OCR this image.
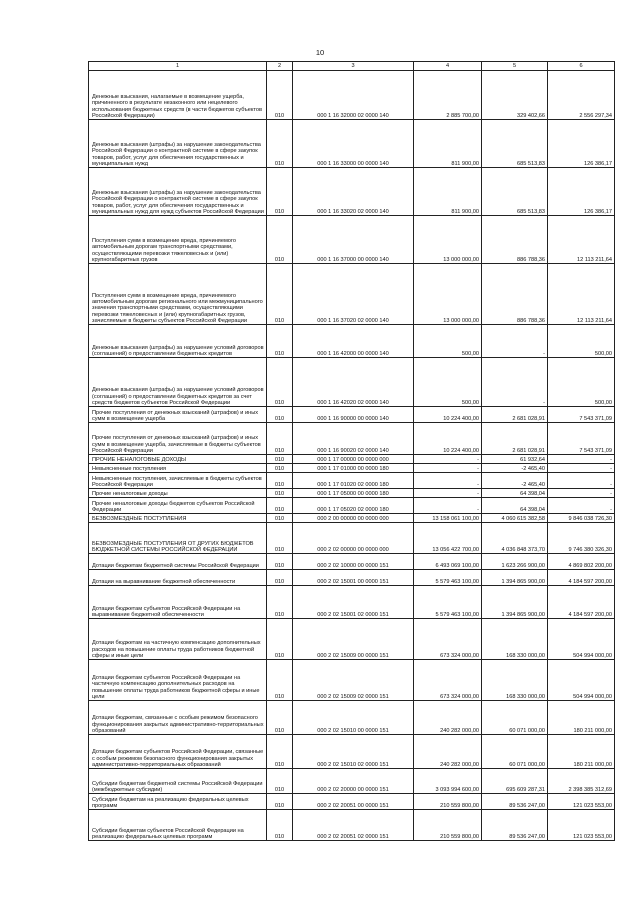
10
1	2	3	4	5	6
Денежные взыскания, налагаемые в возмещение ущерба, причиненного в результате незаконного или нецелевого использования бюджетных средств (в части бюджетов субъектов Российской Федерации)	010	000 1 16 32000 02 0000 140	2 885 700,00	329 402,66	2 556 297,34
Денежные взыскания (штрафы) за нарушение законодательства Российской Федерации о контрактной системе в сфере закупок товаров, работ, услуг для обеспечения государственных и муниципальных нужд	010	000 1 16 33000 00 0000 140	811 900,00	685 513,83	126 386,17
Денежные взыскания (штрафы) за нарушение законодательства Российской Федерации о контрактной системе в сфере закупок товаров, работ, услуг для обеспечения государственных и муниципальных нужд для нужд субъектов Российской Федерации	010	000 1 16 33020 02 0000 140	811 900,00	685 513,83	126 386,17
Поступления сумм в возмещение вреда, причиняемого автомобильным дорогам транспортными средствами, осуществляющими перевозки тяжеловесных и (или) крупногабаритных грузов	010	000 1 16 37000 00 0000 140	13 000 000,00	886 788,36	12 113 211,64
Поступления сумм в возмещение вреда, причиняемого автомобильным дорогам регионального или межмуниципального значения транспортными средствами, осуществляющими перевозки тяжеловесных и (или) крупногабаритных грузов, зачисляемые в бюджеты субъектов Российской Федерации	010	000 1 16 37020 02 0000 140	13 000 000,00	886 788,36	12 113 211,64
Денежные взыскания (штрафы) за нарушение условий договоров (соглашений) о предоставлении бюджетных кредитов	010	000 1 16 42000 00 0000 140	500,00	-	500,00
Денежные взыскания (штрафы) за нарушение условий договоров (соглашений) о предоставлении бюджетных кредитов за счет средств бюджетов субъектов Российской Федерации	010	000 1 16 42020 02 0000 140	500,00	-	500,00
Прочие поступления от денежных взысканий (штрафов) и иных сумм в возмещение ущерба	010	000 1 16 90000 00 0000 140	10 224 400,00	2 681 028,91	7 543 371,09
Прочие поступления от денежных взысканий (штрафов) и иных сумм в возмещение ущерба, зачисляемые в бюджеты субъектов Российской Федерации	010	000 1 16 90020 02 0000 140	10 224 400,00	2 681 028,91	7 543 371,09
ПРОЧИЕ НЕНАЛОГОВЫЕ ДОХОДЫ	010	000 1 17 00000 00 0000 000	-	61 932,64	-
Невыясненные поступления	010	000 1 17 01000 00 0000 180	-	-2 465,40	-
Невыясненные поступления, зачисляемые в бюджеты субъектов Российской Федерации	010	000 1 17 01020 02 0000 180	-	-2 465,40	-
Прочие неналоговые доходы	010	000 1 17 05000 00 0000 180	-	64 398,04	-
Прочие неналоговые доходы бюджетов субъектов Российской Федерации	010	000 1 17 05020 02 0000 180	-	64 398,04	-
БЕЗВОЗМЕЗДНЫЕ ПОСТУПЛЕНИЯ	010	000 2 00 00000 00 0000 000	13 158 061 100,00	4 060 615 382,58	9 846 038 726,30
БЕЗВОЗМЕЗДНЫЕ ПОСТУПЛЕНИЯ ОТ ДРУГИХ БЮДЖЕТОВ БЮДЖЕТНОЙ СИСТЕМЫ РОССИЙСКОЙ ФЕДЕРАЦИИ	010	000 2 02 00000 00 0000 000	13 056 422 700,00	4 036 848 373,70	9 746 380 326,30
Дотации бюджетам бюджетной системы Российской Федерации	010	000 2 02 10000 00 0000 151	6 493 069 100,00	1 623 266 900,00	4 869 802 200,00
Дотации на выравнивание бюджетной обеспеченности	010	000 2 02 15001 00 0000 151	5 579 463 100,00	1 394 865 900,00	4 184 597 200,00
Дотации бюджетам субъектов Российской Федерации на выравнивание бюджетной обеспеченности	010	000 2 02 15001 02 0000 151	5 579 463 100,00	1 394 865 900,00	4 184 597 200,00
Дотации бюджетам на частичную компенсацию дополнительных расходов на повышение оплаты труда работников бюджетной сферы и иные цели	010	000 2 02 15009 00 0000 151	673 324 000,00	168 330 000,00	504 994 000,00
Дотации бюджетам субъектов Российской Федерации на частичную компенсацию дополнительных расходов на повышение оплаты труда работников бюджетной сферы и иные цели	010	000 2 02 15009 02 0000 151	673 324 000,00	168 330 000,00	504 994 000,00
Дотации бюджетам, связанные с особым режимом безопасного функционирования закрытых административно-территориальных образований	010	000 2 02 15010 00 0000 151	240 282 000,00	60 071 000,00	180 211 000,00
Дотации бюджетам субъектов Российской Федерации, связанные с особым режимом безопасного функционирования закрытых административно-территориальных образований	010	000 2 02 15010 02 0000 151	240 282 000,00	60 071 000,00	180 211 000,00
Субсидии бюджетам бюджетной системы Российской Федерации (межбюджетные субсидии)	010	000 2 02 20000 00 0000 151	3 093 994 600,00	695 609 287,31	2 398 385 312,69
Субсидии бюджетам на реализацию федеральных целевых программ	010	000 2 02 20051 00 0000 151	210 559 800,00	89 536 247,00	121 023 553,00
Субсидии бюджетам субъектов Российской Федерации на реализацию федеральных целевых программ	010	000 2 02 20051 02 0000 151	210 559 800,00	89 536 247,00	121 023 553,00
